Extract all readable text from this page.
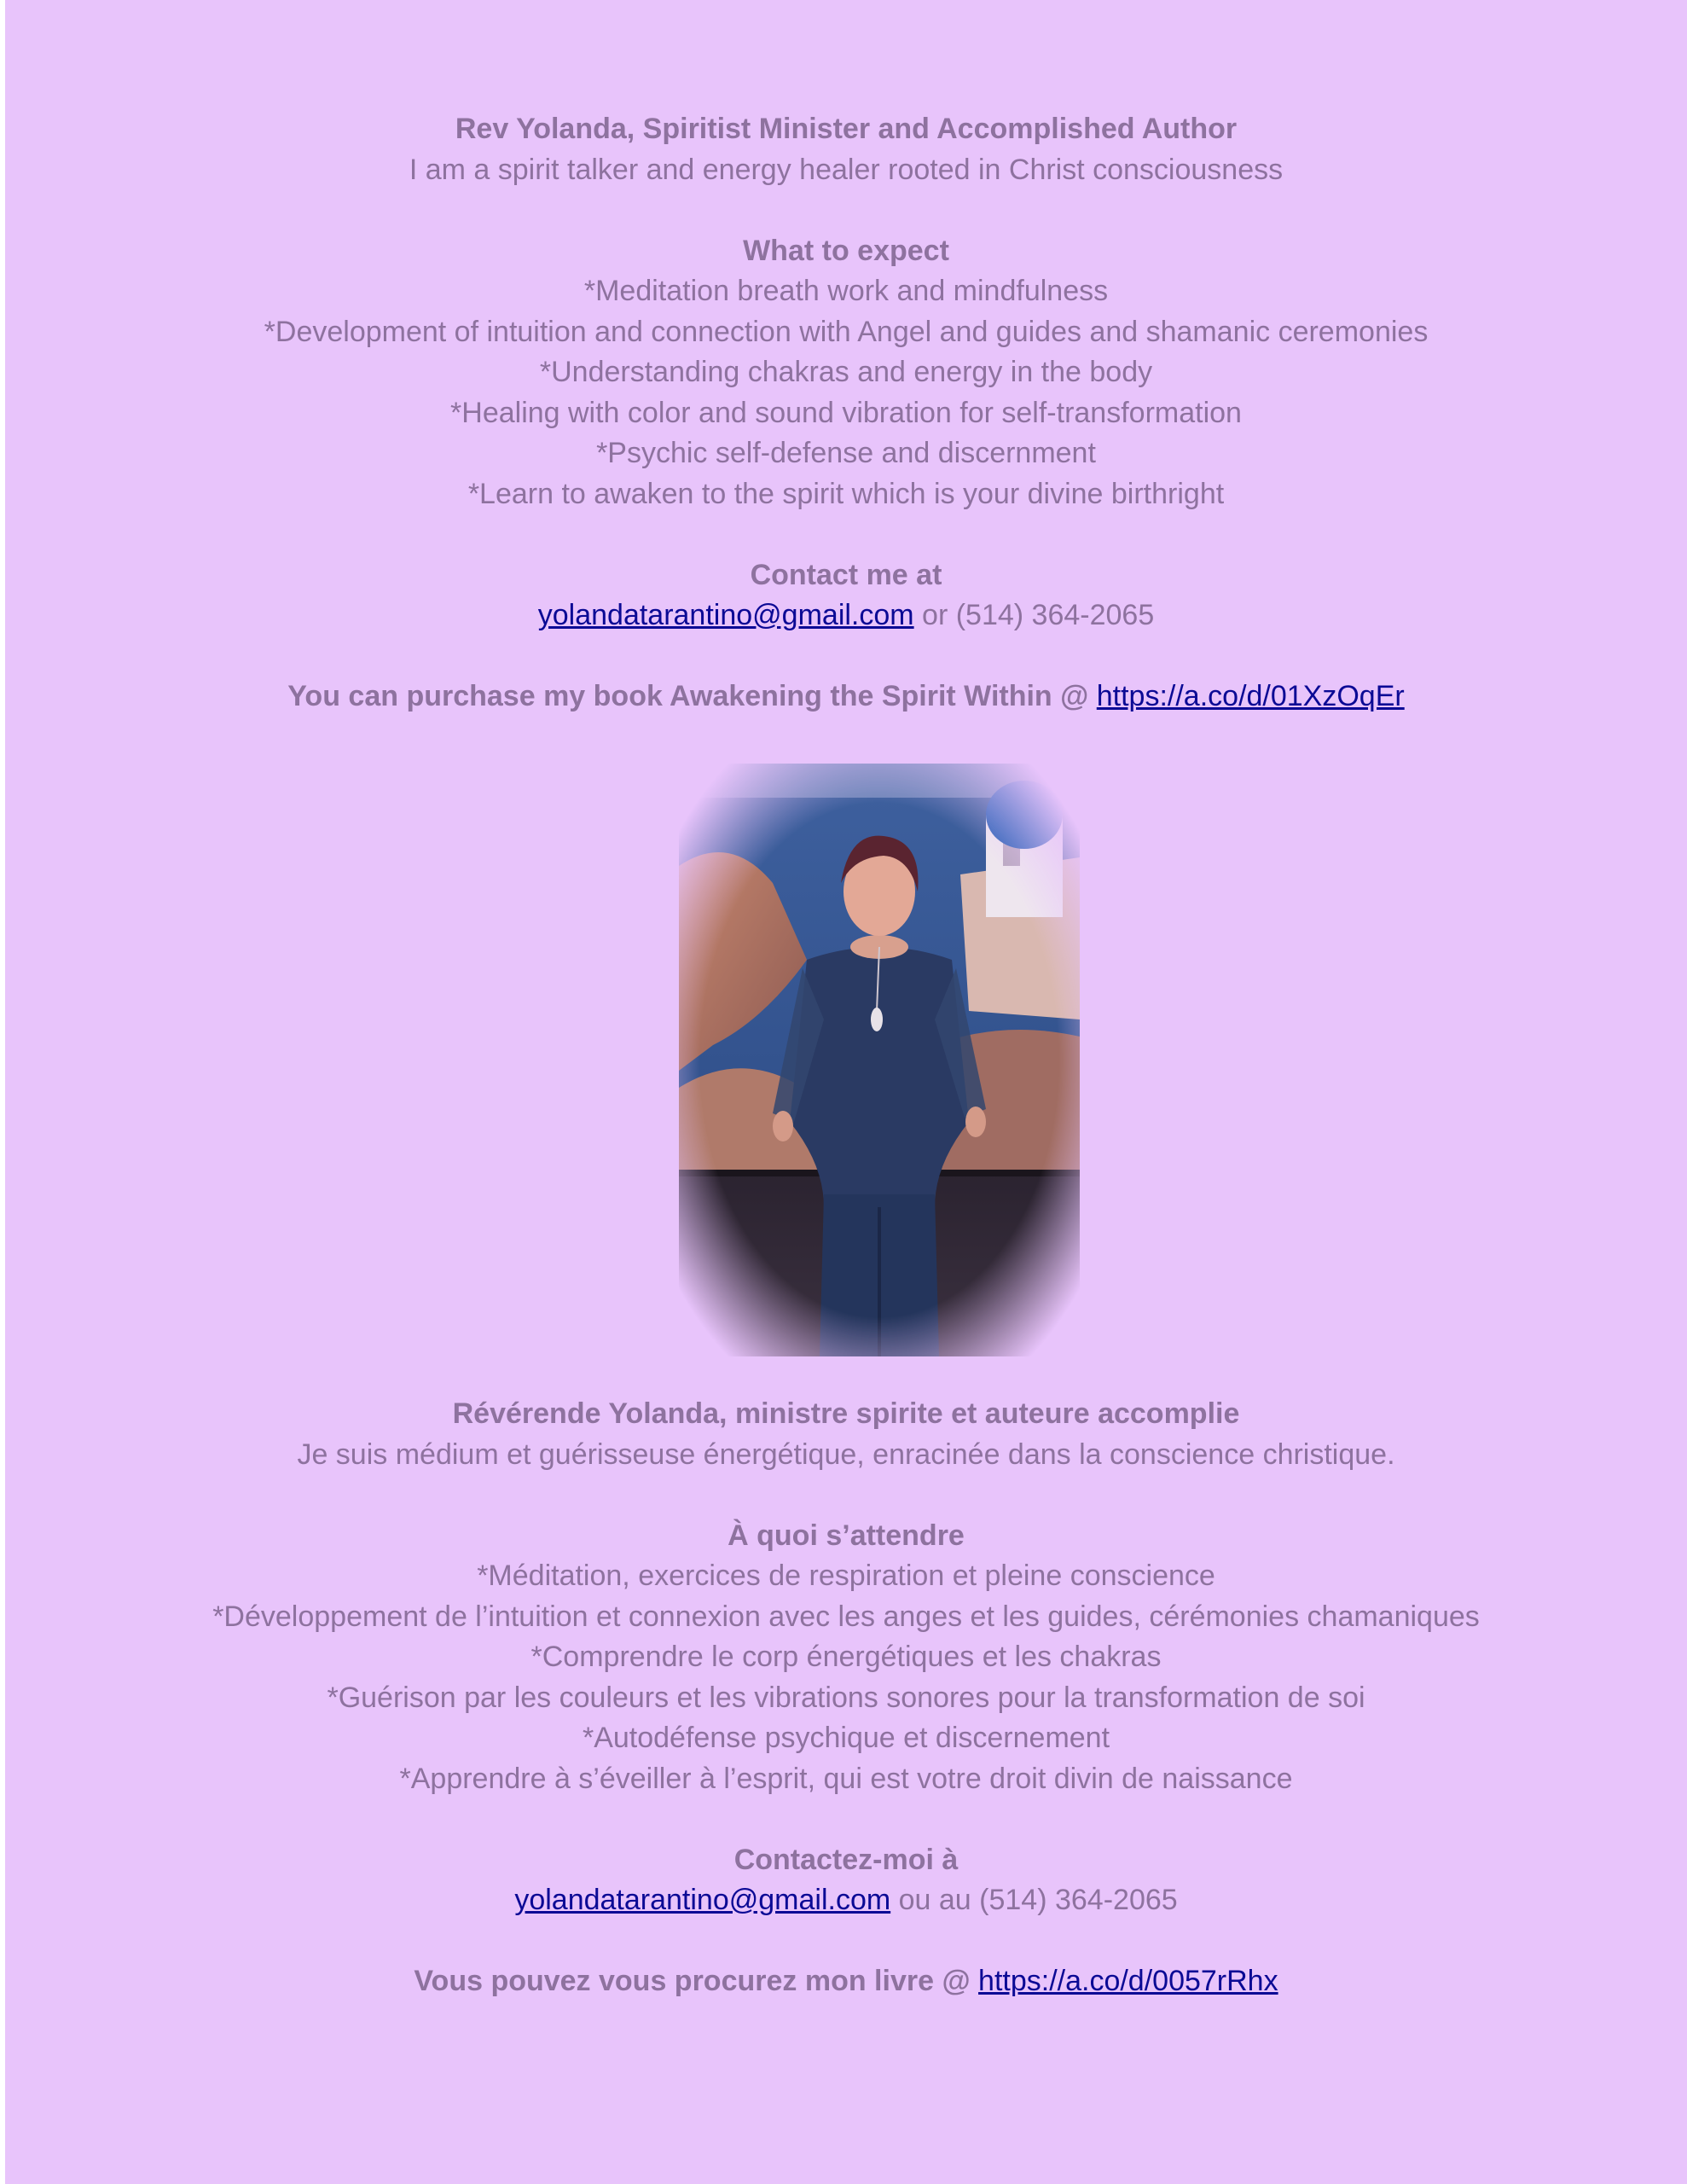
Rev Yolanda, Spiritist Minister and Accomplished Author
I am a spirit talker and energy healer rooted in Christ consciousness
What to expect
*Meditation breath work and mindfulness
*Development of intuition and connection with Angel and guides and shamanic ceremonies
*Understanding chakras and energy in the body
*Healing with color and sound vibration for self-transformation
*Psychic self-defense and discernment
*Learn to awaken to the spirit which is your divine birthright
Contact me at
yolandatarantino@gmail.com or (514) 364-2065
You can purchase my book Awakening the Spirit Within @ https://a.co/d/01XzOqEr
Révérende Yolanda, ministre spirite et auteure accomplie
Je suis médium et guérisseuse énergétique, enracinée dans la conscience christique.
À quoi s’attendre
*Méditation, exercices de respiration et pleine conscience
*Développement de l’intuition et connexion avec les anges et les guides, cérémonies chamaniques
*Comprendre le corp énergétiques et les chakras
*Guérison par les couleurs et les vibrations sonores pour la transformation de soi
*Autodéfense psychique et discernement
*Apprendre à s’éveiller à l’esprit, qui est votre droit divin de naissance
Contactez-moi à
yolandatarantino@gmail.com ou au (514) 364-2065
Vous pouvez vous procurez mon livre @ https://a.co/d/0057rRhx
